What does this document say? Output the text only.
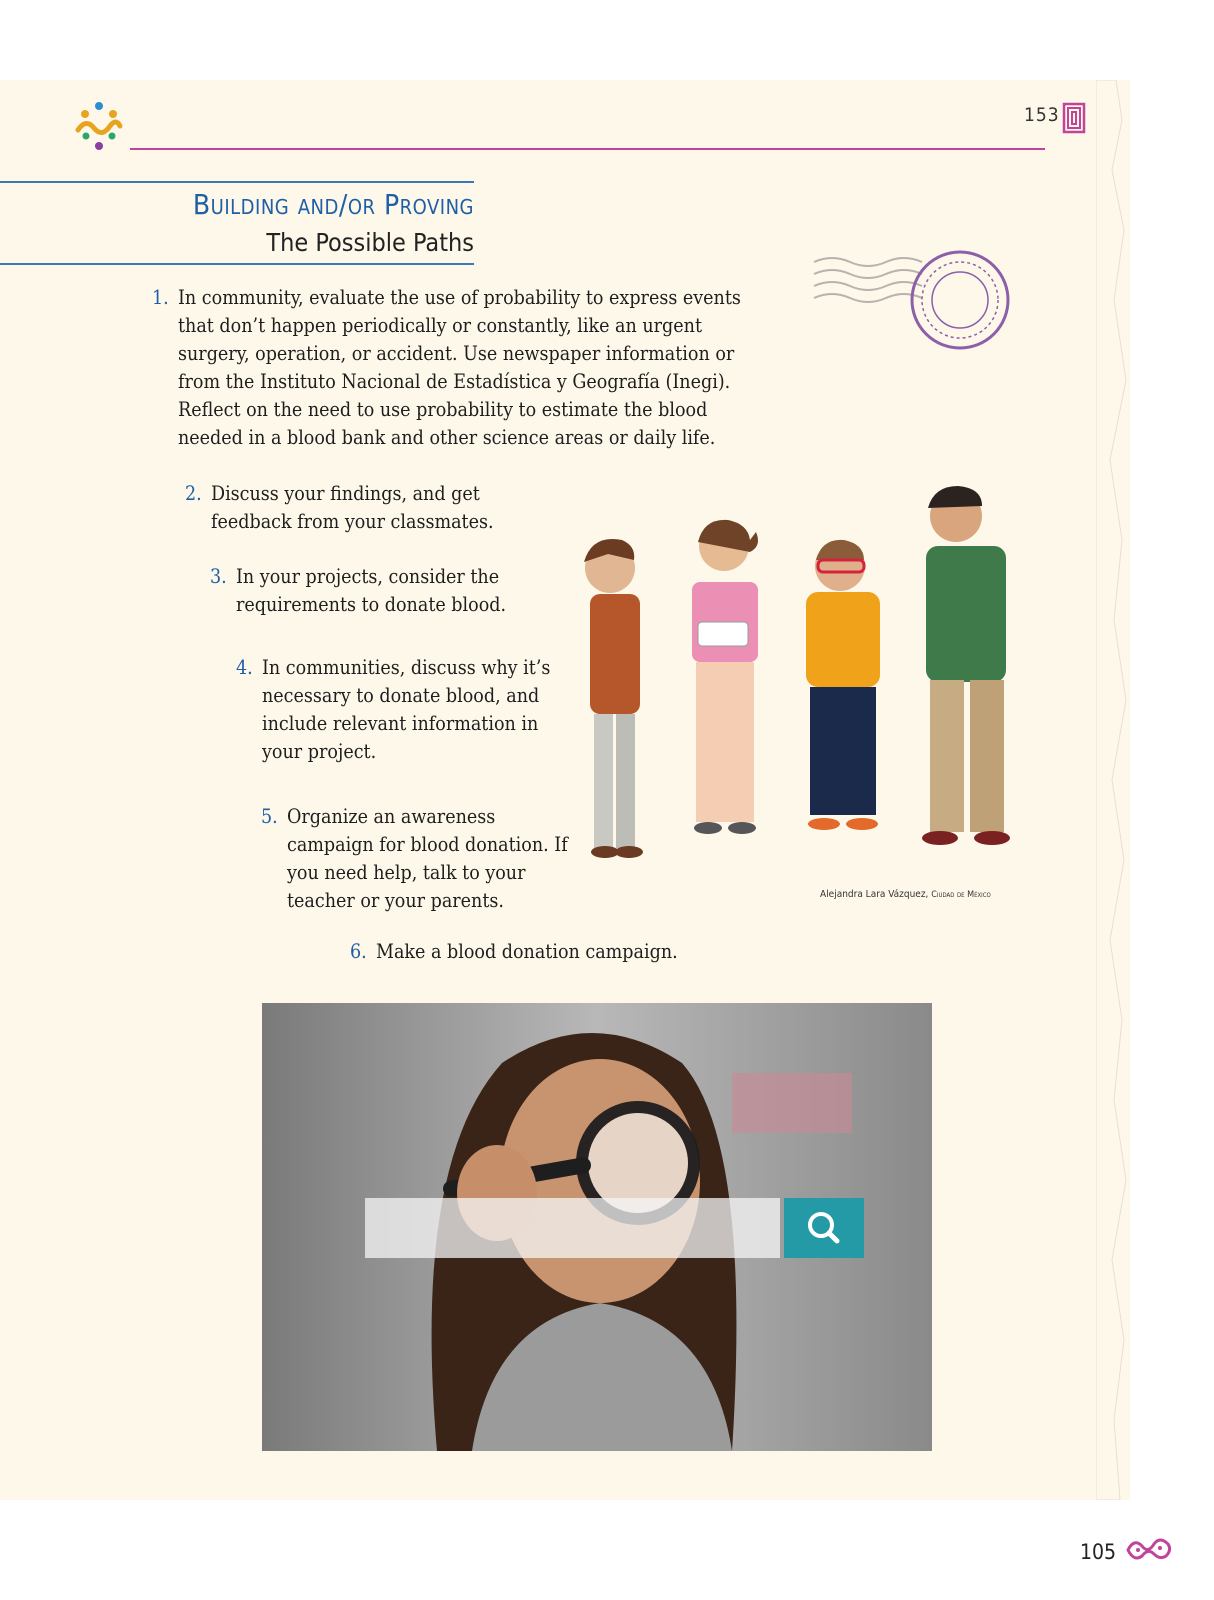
153
Building and/or Proving
The Possible Paths
1. In community, evaluate the use of probability to express events that don’t happen periodically or constantly, like an urgent surgery, operation, or accident. Use newspaper information or from the Instituto Nacional de Estadística y Geografía (Inegi). Reflect on the need to use probability to estimate the blood needed in a blood bank and other science areas or daily life.
2. Discuss your findings, and get feedback from your classmates.
3. In your projects, consider the requirements to donate blood.
4. In communities, discuss why it’s necessary to donate blood, and include relevant information in your project.
5. Organize an awareness campaign for blood donation. If you need help, talk to your teacher or your parents.
6. Make a blood donation campaign.
Alejandra Lara Vázquez, Ciudad de México
105
